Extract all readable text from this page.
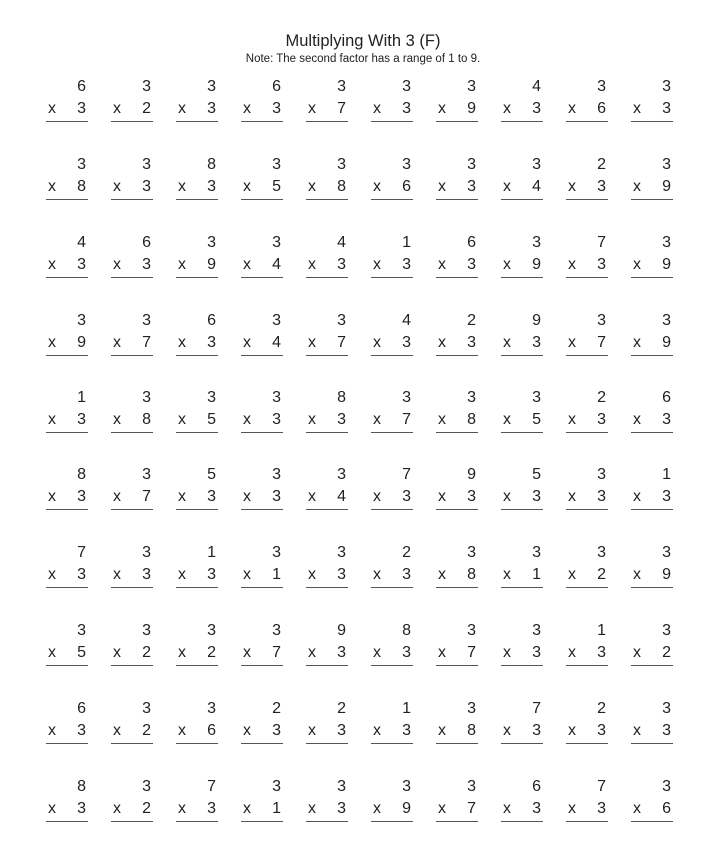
Multiplying With 3 (F)
Note: The second factor has a range of 1 to 9.
6
x 3
3
x 2
3
x 3
6
x 3
3
x 7
3
x 3
3
x 9
4
x 3
3
x 6
3
x 3
3
x 8
3
x 3
8
x 3
3
x 5
3
x 8
3
x 6
3
x 3
3
x 4
2
x 3
3
x 9
4
x 3
6
x 3
3
x 9
3
x 4
4
x 3
1
x 3
6
x 3
3
x 9
7
x 3
3
x 9
3
x 9
3
x 7
6
x 3
3
x 4
3
x 7
4
x 3
2
x 3
9
x 3
3
x 7
3
x 9
1
x 3
3
x 8
3
x 5
3
x 3
8
x 3
3
x 7
3
x 8
3
x 5
2
x 3
6
x 3
8
x 3
3
x 7
5
x 3
3
x 3
3
x 4
7
x 3
9
x 3
5
x 3
3
x 3
1
x 3
7
x 3
3
x 3
1
x 3
3
x 1
3
x 3
2
x 3
3
x 8
3
x 1
3
x 2
3
x 9
3
x 5
3
x 2
3
x 2
3
x 7
9
x 3
8
x 3
3
x 7
3
x 3
1
x 3
3
x 2
6
x 3
3
x 2
3
x 6
2
x 3
2
x 3
1
x 3
3
x 8
7
x 3
2
x 3
3
x 3
8
x 3
3
x 2
7
x 3
3
x 1
3
x 3
3
x 9
3
x 7
6
x 3
7
x 3
3
x 6
